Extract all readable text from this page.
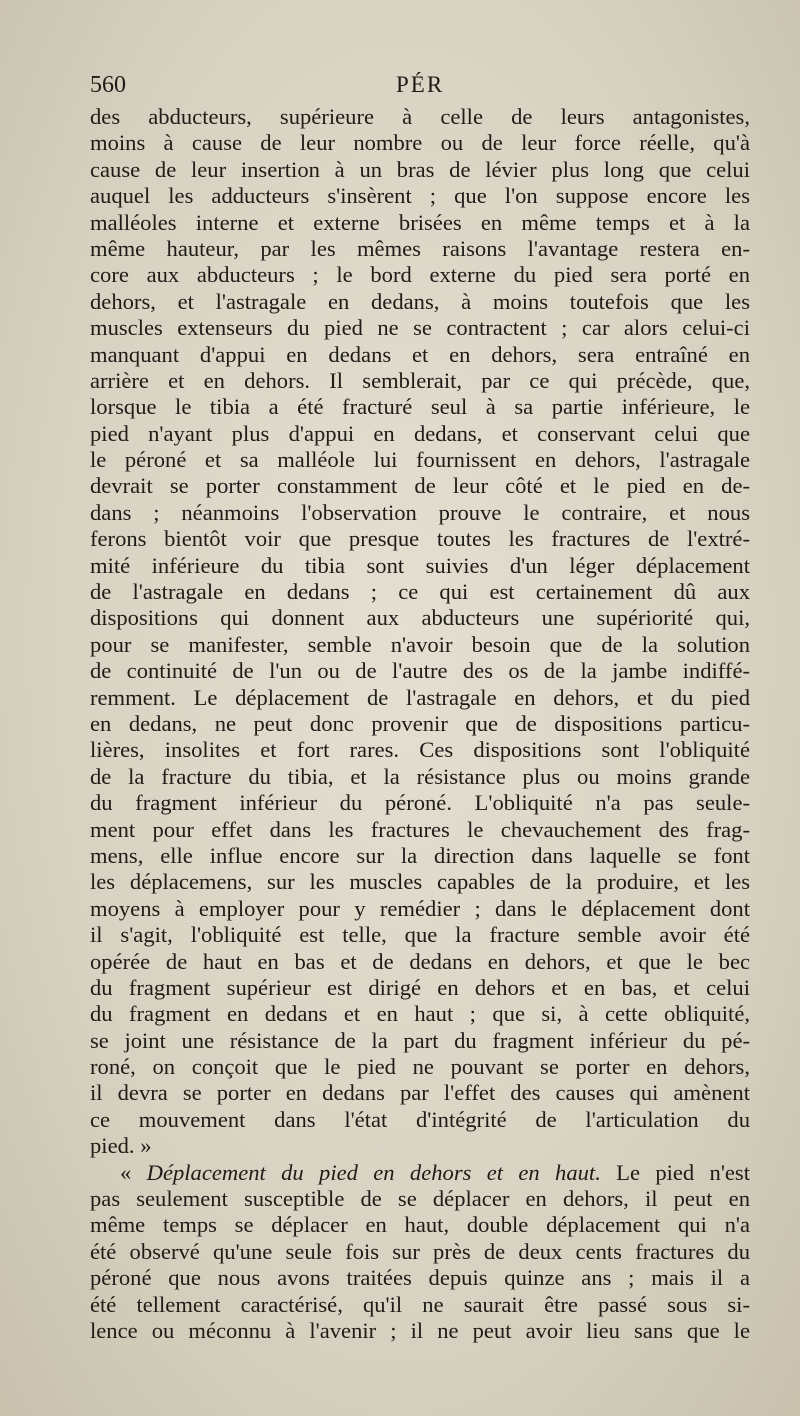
560	PÉR
des abducteurs, supérieure à celle de leurs antagonistes,
moins à cause de leur nombre ou de leur force réelle, qu'à
cause de leur insertion à un bras de lévier plus long que celui
auquel les adducteurs s'insèrent ; que l'on suppose encore les
malléoles interne et externe brisées en même temps et à la
même hauteur, par les mêmes raisons l'avantage restera en-
core aux abducteurs ; le bord externe du pied sera porté en
dehors, et l'astragale en dedans, à moins toutefois que les
muscles extenseurs du pied ne se contractent ; car alors celui-ci
manquant d'appui en dedans et en dehors, sera entraîné en
arrière et en dehors. Il semblerait, par ce qui précède, que,
lorsque le tibia a été fracturé seul à sa partie inférieure, le
pied n'ayant plus d'appui en dedans, et conservant celui que
le péroné et sa malléole lui fournissent en dehors, l'astragale
devrait se porter constamment de leur côté et le pied en de-
dans ; néanmoins l'observation prouve le contraire, et nous
ferons bientôt voir que presque toutes les fractures de l'extré-
mité inférieure du tibia sont suivies d'un léger déplacement
de l'astragale en dedans ; ce qui est certainement dû aux
dispositions qui donnent aux abducteurs une supériorité qui,
pour se manifester, semble n'avoir besoin que de la solution
de continuité de l'un ou de l'autre des os de la jambe indiffé-
remment. Le déplacement de l'astragale en dehors, et du pied
en dedans, ne peut donc provenir que de dispositions particu-
lières, insolites et fort rares. Ces dispositions sont l'obliquité
de la fracture du tibia, et la résistance plus ou moins grande
du fragment inférieur du péroné. L'obliquité n'a pas seule-
ment pour effet dans les fractures le chevauchement des frag-
mens, elle influe encore sur la direction dans laquelle se font
les déplacemens, sur les muscles capables de la produire, et les
moyens à employer pour y remédier ; dans le déplacement dont
il s'agit, l'obliquité est telle, que la fracture semble avoir été
opérée de haut en bas et de dedans en dehors, et que le bec
du fragment supérieur est dirigé en dehors et en bas, et celui
du fragment en dedans et en haut ; que si, à cette obliquité,
se joint une résistance de la part du fragment inférieur du pé-
roné, on conçoit que le pied ne pouvant se porter en dehors,
il devra se porter en dedans par l'effet des causes qui amènent
ce mouvement dans l'état d'intégrité de l'articulation du
pied. »
« Déplacement du pied en dehors et en haut. Le pied n'est
pas seulement susceptible de se déplacer en dehors, il peut en
même temps se déplacer en haut, double déplacement qui n'a
été observé qu'une seule fois sur près de deux cents fractures du
péroné que nous avons traitées depuis quinze ans ; mais il a
été tellement caractérisé, qu'il ne saurait être passé sous si-
lence ou méconnu à l'avenir ; il ne peut avoir lieu sans que le
